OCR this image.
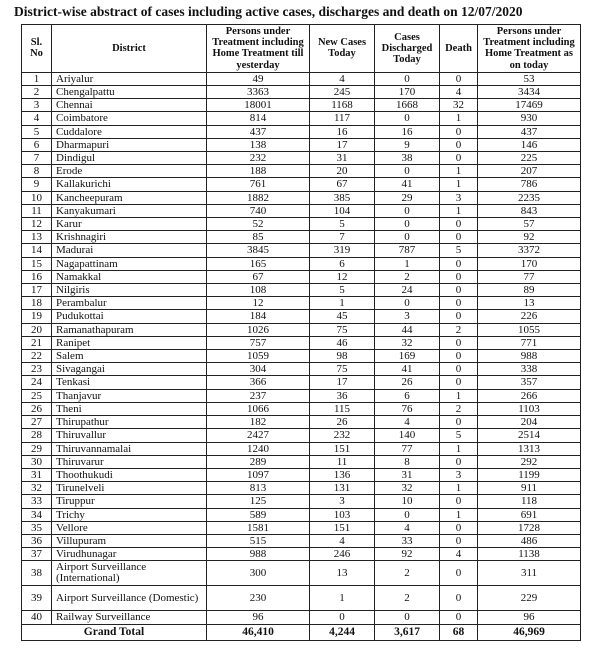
District-wise abstract of cases including active cases, discharges and death on 12/07/2020
Sl. No	District	Persons under Treatment including Home Treatment till yesterday	New Cases Today	Cases Discharged Today	Death	Persons under Treatment including Home Treatment as on today
1	Ariyalur	49	4	0	0	53
2	Chengalpattu	3363	245	170	4	3434
3	Chennai	18001	1168	1668	32	17469
4	Coimbatore	814	117	0	1	930
5	Cuddalore	437	16	16	0	437
6	Dharmapuri	138	17	9	0	146
7	Dindigul	232	31	38	0	225
8	Erode	188	20	0	1	207
9	Kallakurichi	761	67	41	1	786
10	Kancheepuram	1882	385	29	3	2235
11	Kanyakumari	740	104	0	1	843
12	Karur	52	5	0	0	57
13	Krishnagiri	85	7	0	0	92
14	Madurai	3845	319	787	5	3372
15	Nagapattinam	165	6	1	0	170
16	Namakkal	67	12	2	0	77
17	Nilgiris	108	5	24	0	89
18	Perambalur	12	1	0	0	13
19	Pudukottai	184	45	3	0	226
20	Ramanathapuram	1026	75	44	2	1055
21	Ranipet	757	46	32	0	771
22	Salem	1059	98	169	0	988
23	Sivagangai	304	75	41	0	338
24	Tenkasi	366	17	26	0	357
25	Thanjavur	237	36	6	1	266
26	Theni	1066	115	76	2	1103
27	Thirupathur	182	26	4	0	204
28	Thiruvallur	2427	232	140	5	2514
29	Thiruvannamalai	1240	151	77	1	1313
30	Thiruvarur	289	11	8	0	292
31	Thoothukudi	1097	136	31	3	1199
32	Tirunelveli	813	131	32	1	911
33	Tiruppur	125	3	10	0	118
34	Trichy	589	103	0	1	691
35	Vellore	1581	151	4	0	1728
36	Villupuram	515	4	33	0	486
37	Virudhunagar	988	246	92	4	1138
38	Airport Surveillance (International)	300	13	2	0	311
39	Airport Surveillance (Domestic)	230	1	2	0	229
40	Railway Surveillance	96	0	0	0	96
Grand Total		46,410	4,244	3,617	68	46,969
